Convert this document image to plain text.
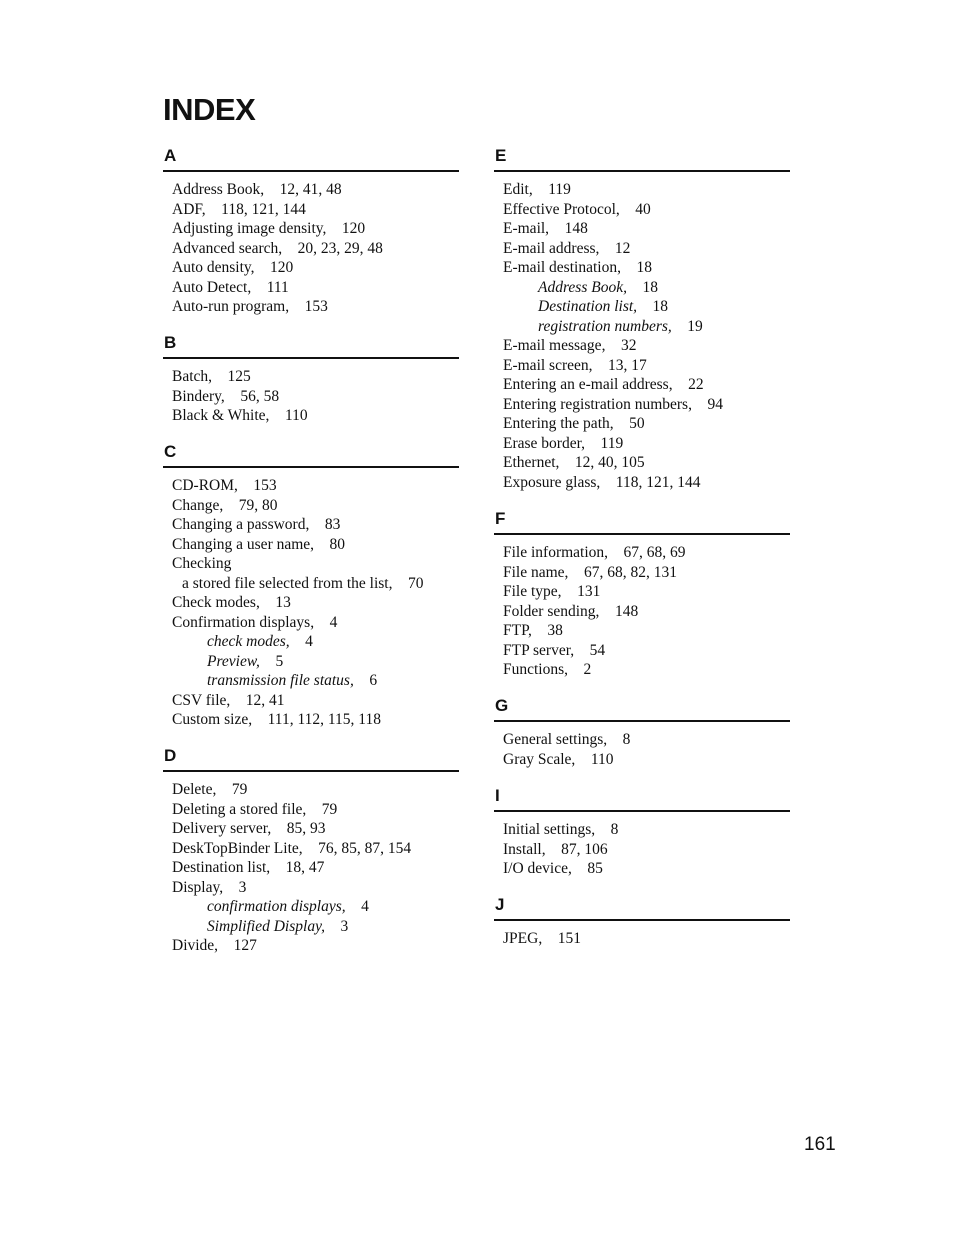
INDEX
A
Address Book,  12, 41, 48
ADF,  118, 121, 144
Adjusting image density,  120
Advanced search,  20, 23, 29, 48
Auto density,  120
Auto Detect,  111
Auto-run program,  153
B
Batch,  125
Bindery,  56, 58
Black & White,  110
C
CD-ROM,  153
Change,  79, 80
Changing a password,  83
Changing a user name,  80
Checking
a stored file selected from the list,  70
Check modes,  13
Confirmation displays,  4
check modes,  4
Preview,  5
transmission file status,  6
CSV file,  12, 41
Custom size,  111, 112, 115, 118
D
Delete,  79
Deleting a stored file,  79
Delivery server,  85, 93
DeskTopBinder Lite,  76, 85, 87, 154
Destination list,  18, 47
Display,  3
confirmation displays,  4
Simplified Display,  3
Divide,  127
E
Edit,  119
Effective Protocol,  40
E-mail,  148
E-mail address,  12
E-mail destination,  18
Address Book,  18
Destination list,  18
registration numbers,  19
E-mail message,  32
E-mail screen,  13, 17
Entering an e-mail address,  22
Entering registration numbers,  94
Entering the path,  50
Erase border,  119
Ethernet,  12, 40, 105
Exposure glass,  118, 121, 144
F
File information,  67, 68, 69
File name,  67, 68, 82, 131
File type,  131
Folder sending,  148
FTP,  38
FTP server,  54
Functions,  2
G
General settings,  8
Gray Scale,  110
I
Initial settings,  8
Install,  87, 106
I/O device,  85
J
JPEG,  151
161
